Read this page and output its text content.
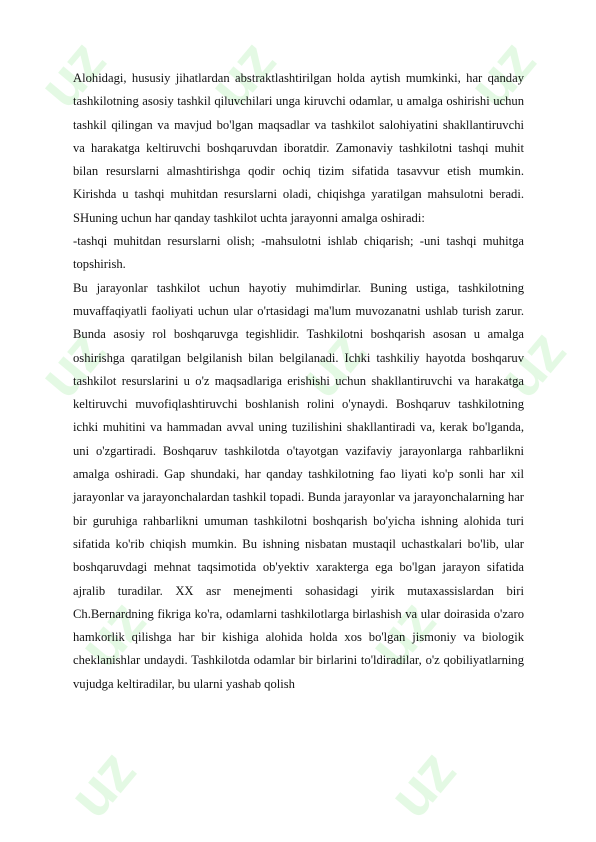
uz uz	uz
uz	uz uz
uz	uz
uz	uz

Alohidagi, hususiy jihatlardan abstraktlashtirilgan holda aytish mumkinki, har qanday tashkilotning asosiy tashkil qiluvchilari unga kiruvchi odamlar, u amalga oshirishi uchun tashkil qilingan va mavjud bo'lgan maqsadlar va tashkilot salohiyatini shakllantiruvchi va harakatga keltiruvchi boshqaruvdan iboratdir. Zamonaviy tashkilotni tashqi muhit bilan resurslarni almashtirishga qodir ochiq tizim sifatida tasavvur etish mumkin. Kirishda u tashqi muhitdan resurslarni oladi, chiqishga yaratilgan mahsulotni beradi. SHuning uchun har qanday tashkilot uchta jarayonni amalga oshiradi:

-tashqi muhitdan resurslarni olish; -mahsulotni ishlab chiqarish; -uni tashqi muhitga topshirish.

Bu jarayonlar tashkilot uchun hayotiy muhimdirlar. Buning ustiga, tashkilotning muvaffaqiyatli faoliyati uchun ular o'rtasidagi ma'lum muvozanatni ushlab turish zarur. Bunda asosiy rol boshqaruvga tegishlidir. Tashkilotni boshqarish asosan u amalga oshirishga qaratilgan belgilanish bilan belgilanadi. Ichki tashkiliy hayotda boshqaruv tashkilot resurslarini u o'z maqsadlariga erishishi uchun shakllantiruvchi va harakatga keltiruvchi muvofiqlashtiruvchi boshlanish rolini o'ynaydi. Boshqaruv tashkilotning ichki muhitini va hammadan avval uning tuzilishini shakllantiradi va, kerak bo'lganda, uni o'zgartiradi. Boshqaruv tashkilotda o'tayotgan vazifaviy jarayonlarga rahbarlikni amalga oshiradi. Gap shundaki, har qanday tashkilotning fao liyati ko'p sonli har xil jarayonlar va jarayonchalardan tashkil topadi. Bunda jarayonlar va jarayonchalarning har bir guruhiga rahbarlikni umuman tashkilotni boshqarish bo'yicha ishning alohida turi sifatida ko'rib chiqish mumkin. Bu ishning nisbatan mustaqil uchastkalari bo'lib, ular boshqaruvdagi mehnat taqsimotida ob'yektiv xarakterga ega bo'lgan jarayon sifatida ajralib turadilar. XX asr menejmenti sohasidagi yirik mutaxassislardan biri Ch.Bernardning fikriga ko'ra, odamlarni tashkilotlarga birlashish va ular doirasida o'zaro hamkorlik qilishga har bir kishiga alohida holda xos bo'lgan jismoniy va biologik cheklanishlar undaydi. Tashkilotda odamlar bir birlarini to'ldiradilar, o'z qobiliyatlarning vujudga keltiradilar, bu ularni yashab qolish
